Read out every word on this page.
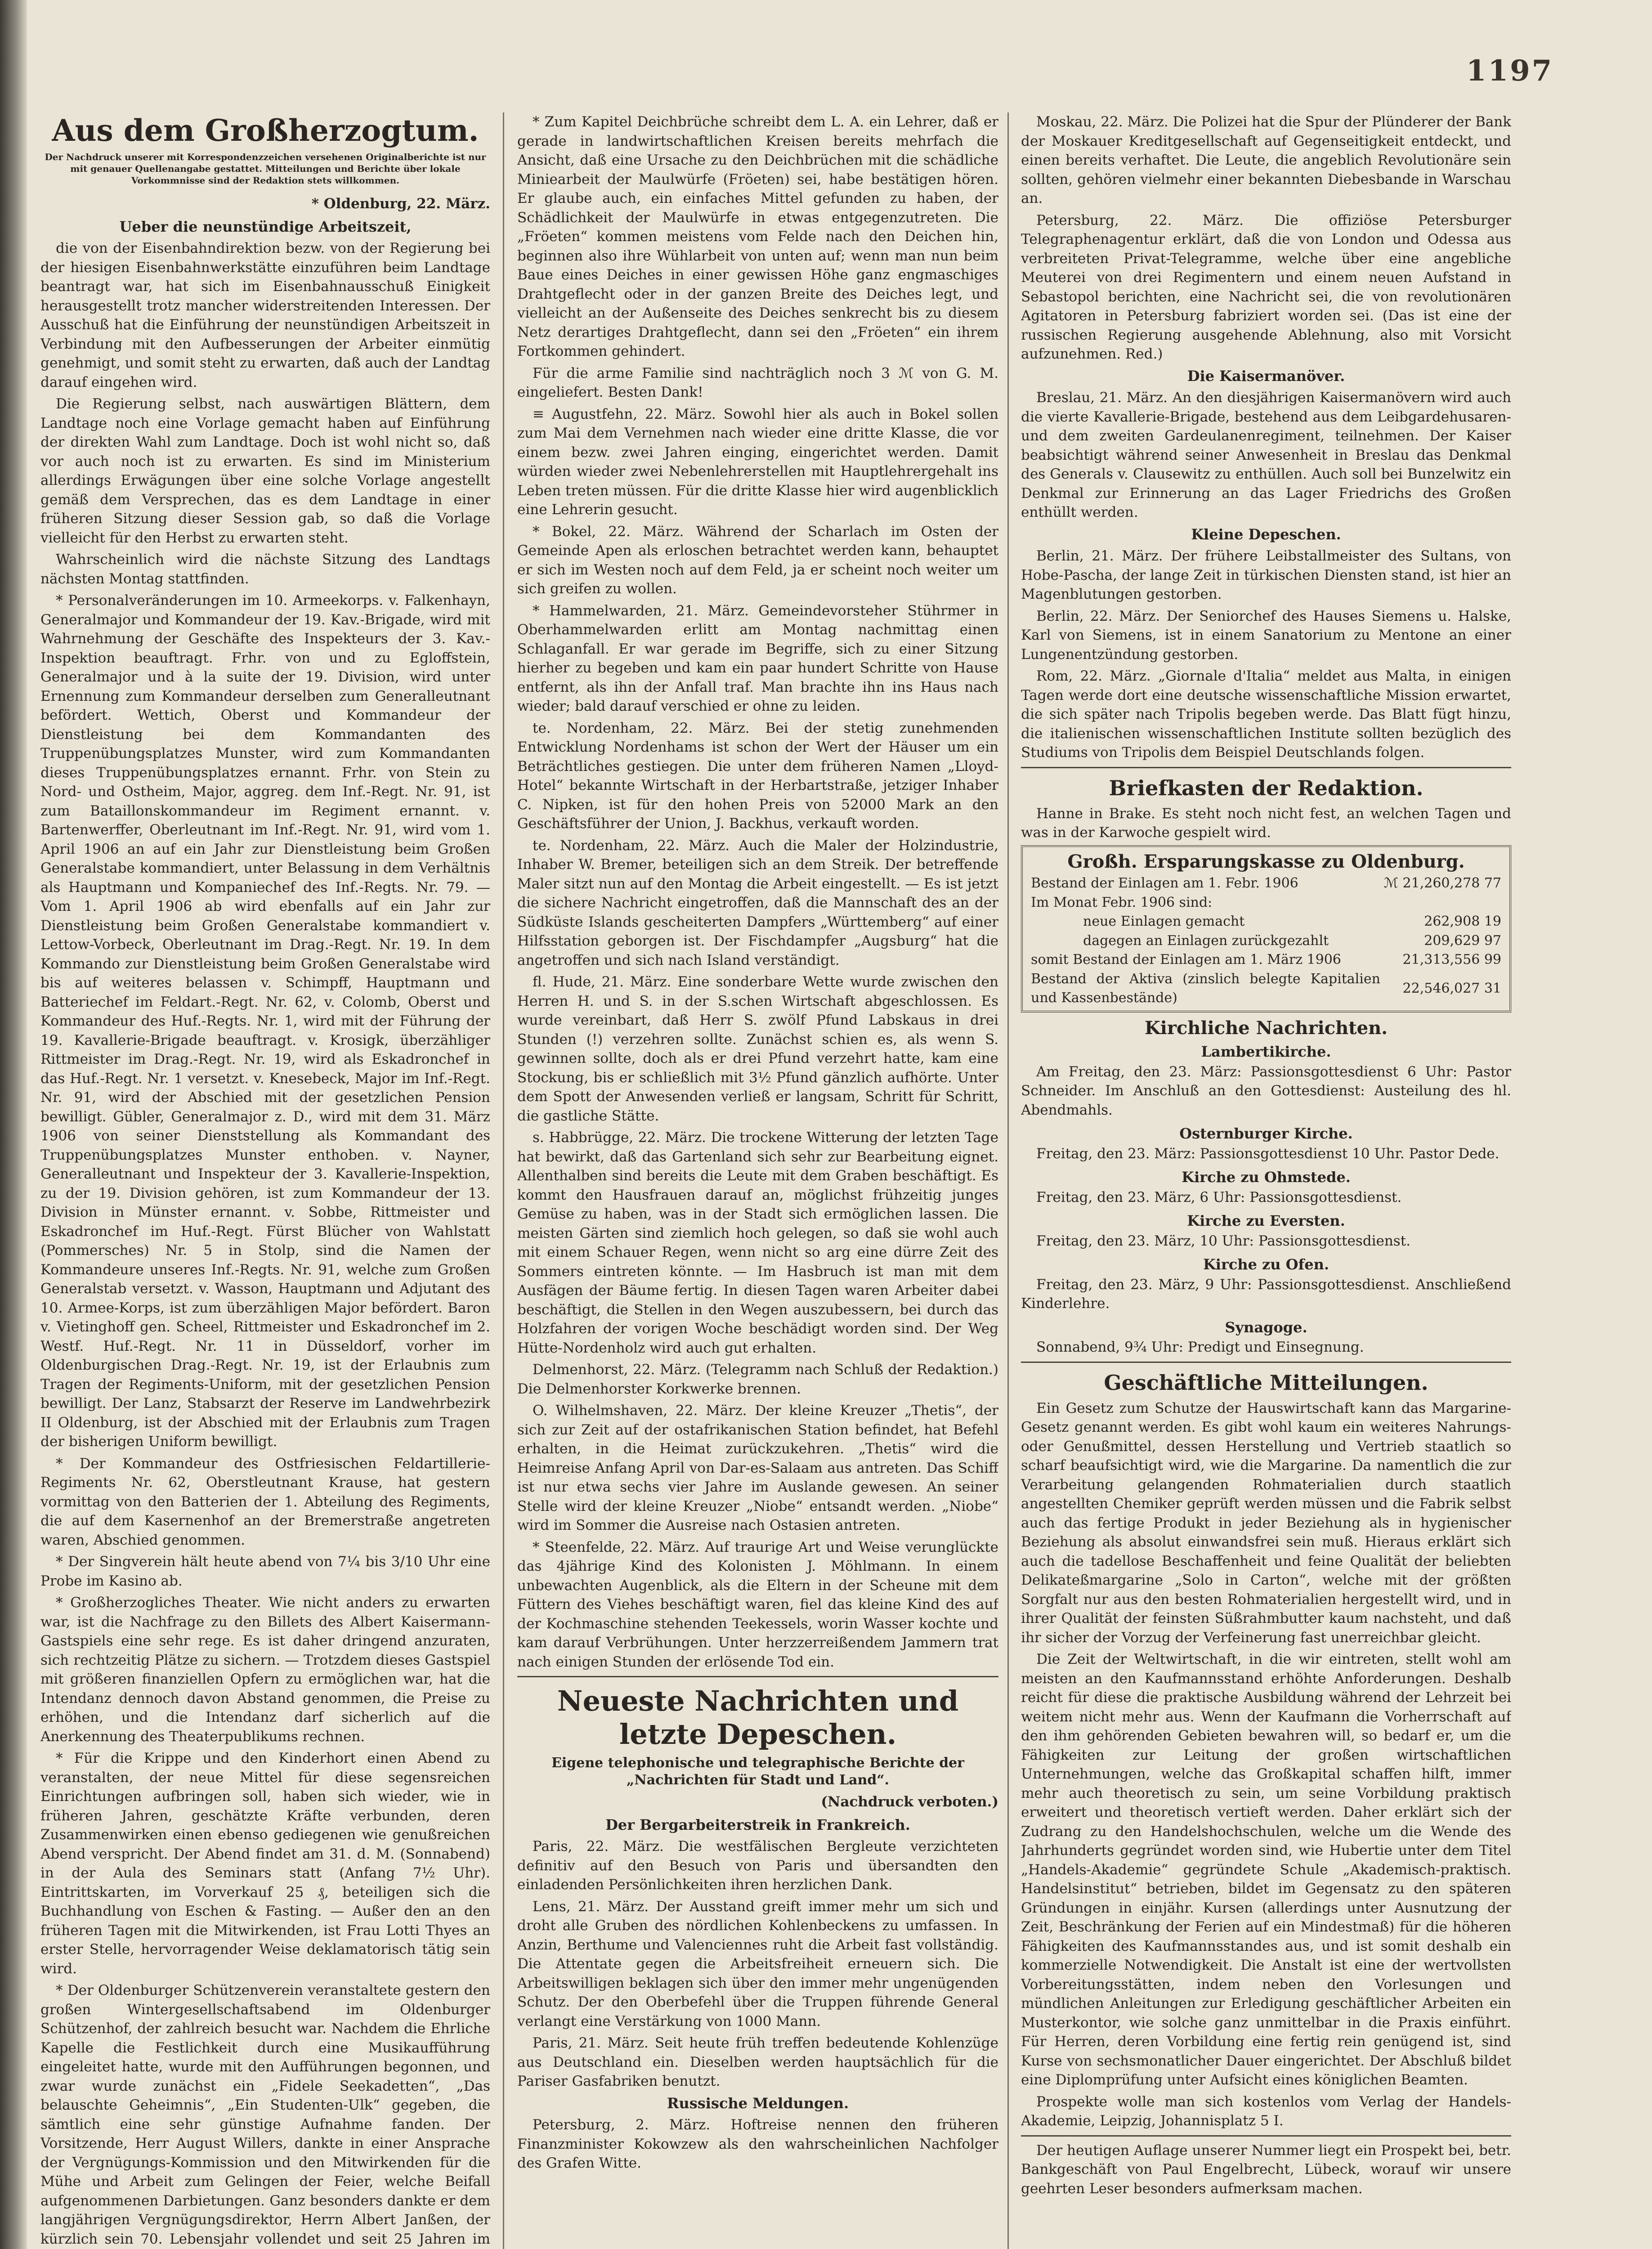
1197
Aus dem Großherzogtum.
Der Nachdruck unserer mit Korrespondenzzeichen versehenen Originalberichte ist nur mit genauer Quellenangabe gestattet. Mitteilungen und Berichte über lokale Vorkommnisse sind der Redaktion stets willkommen.
* Oldenburg, 22. März.
Ueber die neunstündige Arbeitszeit,

die von der Eisenbahndirektion bezw. von der Regierung bei der hiesigen Eisenbahnwerkstätte einzuführen beim Landtage beantragt war, hat sich im Eisenbahnausschuß Einigkeit herausgestellt trotz mancher widerstreitenden Interessen. Der Ausschuß hat die Einführung der neunstündigen Arbeitszeit in Verbindung mit den Aufbesserungen der Arbeiter einmütig genehmigt, und somit steht zu erwarten, daß auch der Landtag darauf eingehen wird.

Die Regierung selbst, nach auswärtigen Blättern, dem Landtage noch eine Vorlage gemacht haben auf Einführung der direkten Wahl zum Landtage. Doch ist wohl nicht so, daß vor auch noch ist zu erwarten. Es sind im Ministerium allerdings Erwägungen über eine solche Vorlage angestellt gemäß dem Versprechen, das es dem Landtage in einer früheren Sitzung dieser Session gab, so daß die Vorlage vielleicht für den Herbst zu erwarten steht.

Wahrscheinlich wird die nächste Sitzung des Landtags nächsten Montag stattfinden.

* Personalveränderungen im 10. Armeekorps. v. Falkenhayn, Generalmajor und Kommandeur der 19. Kav.-Brigade, wird mit Wahrnehmung der Geschäfte des Inspekteurs der 3. Kav.-Inspektion beauftragt. Frhr. von und zu Egloffstein, Generalmajor und à la suite der 19. Division, wird unter Ernennung zum Kommandeur derselben zum Generalleutnant befördert. Wettich, Oberst und Kommandeur der Dienstleistung bei dem Kommandanten des Truppenübungsplatzes Munster, wird zum Kommandanten dieses Truppenübungsplatzes ernannt. Frhr. von Stein zu Nord- und Ostheim, Major, aggreg. dem Inf.-Regt. Nr. 91, ist zum Bataillonskommandeur im Regiment ernannt. v. Bartenwerffer, Oberleutnant im Inf.-Regt. Nr. 91, wird vom 1. April 1906 an auf ein Jahr zur Dienstleistung beim Großen Generalstabe kommandiert, unter Belassung in dem Verhältnis als Hauptmann und Kompaniechef des Inf.-Regts. Nr. 79. — Vom 1. April 1906 ab wird ebenfalls auf ein Jahr zur Dienstleistung beim Großen Generalstabe kommandiert v. Lettow-Vorbeck, Oberleutnant im Drag.-Regt. Nr. 19. In dem Kommando zur Dienstleistung beim Großen Generalstabe wird bis auf weiteres belassen v. Schimpff, Hauptmann und Batteriechef im Feldart.-Regt. Nr. 62, v. Colomb, Oberst und Kommandeur des Huf.-Regts. Nr. 1, wird mit der Führung der 19. Kavallerie-Brigade beauftragt. v. Krosigk, überzähliger Rittmeister im Drag.-Regt. Nr. 19, wird als Eskadronchef in das Huf.-Regt. Nr. 1 versetzt. v. Knesebeck, Major im Inf.-Regt. Nr. 91, wird der Abschied mit der gesetzlichen Pension bewilligt. Gübler, Generalmajor z. D., wird mit dem 31. März 1906 von seiner Dienststellung als Kommandant des Truppenübungsplatzes Munster enthoben. v. Nayner, Generalleutnant und Inspekteur der 3. Kavallerie-Inspektion, zu der 19. Division gehören, ist zum Kommandeur der 13. Division in Münster ernannt. v. Sobbe, Rittmeister und Eskadronchef im Huf.-Regt. Fürst Blücher von Wahlstatt (Pommersches) Nr. 5 in Stolp, sind die Namen der Kommandeure unseres Inf.-Regts. Nr. 91, welche zum Großen Generalstab versetzt. v. Wasson, Hauptmann und Adjutant des 10. Armee-Korps, ist zum überzähligen Major befördert. Baron v. Vietinghoff gen. Scheel, Rittmeister und Eskadronchef im 2. Westf. Huf.-Regt. Nr. 11 in Düsseldorf, vorher im Oldenburgischen Drag.-Regt. Nr. 19, ist der Erlaubnis zum Tragen der Regiments-Uniform, mit der gesetzlichen Pension bewilligt. Der Lanz, Stabsarzt der Reserve im Landwehrbezirk II Oldenburg, ist der Abschied mit der Erlaubnis zum Tragen der bisherigen Uniform bewilligt.

* Der Kommandeur des Ostfriesischen Feldartillerie-Regiments Nr. 62, Oberstleutnant Krause, hat gestern vormittag von den Batterien der 1. Abteilung des Regiments, die auf dem Kasernenhof an der Bremerstraße angetreten waren, Abschied genommen.

* Der Singverein hält heute abend von 7¼ bis 3/10 Uhr eine Probe im Kasino ab.

* Großherzogliches Theater. Wie nicht anders zu erwarten war, ist die Nachfrage zu den Billets des Albert Kaisermann-Gastspiels eine sehr rege. Es ist daher dringend anzuraten, sich rechtzeitig Plätze zu sichern. — Trotzdem dieses Gastspiel mit größeren finanziellen Opfern zu ermöglichen war, hat die Intendanz dennoch davon Abstand genommen, die Preise zu erhöhen, und die Intendanz darf sicherlich auf die Anerkennung des Theaterpublikums rechnen.

* Für die Krippe und den Kinderhort einen Abend zu veranstalten, der neue Mittel für diese segensreichen Einrichtungen aufbringen soll, haben sich wieder, wie in früheren Jahren, geschätzte Kräfte verbunden, deren Zusammenwirken einen ebenso gediegenen wie genußreichen Abend verspricht. Der Abend findet am 31. d. M. (Sonnabend) in der Aula des Seminars statt (Anfang 7½ Uhr). Eintrittskarten, im Vorverkauf 25 ₰, beteiligen sich die Buchhandlung von Eschen & Fasting. — Außer den an den früheren Tagen mit die Mitwirkenden, ist Frau Lotti Thyes an erster Stelle, hervorragender Weise deklamatorisch tätig sein wird.

* Der Oldenburger Schützenverein veranstaltete gestern den großen Wintergesellschaftsabend im Oldenburger Schützenhof, der zahlreich besucht war. Nachdem die Ehrliche Kapelle die Festlichkeit durch eine Musikaufführung eingeleitet hatte, wurde mit den Aufführungen begonnen, und zwar wurde zunächst ein „Fidele Seekadetten“, „Das belauschte Geheimnis“, „Ein Studenten-Ulk“ gegeben, die sämtlich eine sehr günstige Aufnahme fanden. Der Vorsitzende, Herr August Willers, dankte in einer Ansprache der Vergnügungs-Kommission und den Mitwirkenden für die Mühe und Arbeit zum Gelingen der Feier, welche Beifall aufgenommenen Darbietungen. Ganz besonders dankte er dem langjährigen Vergnügungsdirektor, Herrn Albert Janßen, der kürzlich sein 70. Lebensjahr vollendet und seit 25 Jahren im

* Zum Kapitel Deichbrüche schreibt dem L. A. ein Lehrer, daß er gerade in landwirtschaftlichen Kreisen bereits mehrfach die Ansicht, daß eine Ursache zu den Deichbrüchen mit die schädliche Miniearbeit der Maulwürfe (Fröeten) sei, habe bestätigen hören. Er glaube auch, ein einfaches Mittel gefunden zu haben, der Schädlichkeit der Maulwürfe in etwas entgegenzutreten. Die „Fröeten“ kommen meistens vom Felde nach den Deichen hin, beginnen also ihre Wühlarbeit von unten auf; wenn man nun beim Baue eines Deiches in einer gewissen Höhe ganz engmaschiges Drahtgeflecht oder in der ganzen Breite des Deiches legt, und vielleicht an der Außenseite des Deiches senkrecht bis zu diesem Netz derartiges Drahtgeflecht, dann sei den „Fröeten“ ein ihrem Fortkommen gehindert.

Für die arme Familie sind nachträglich noch 3 ℳ von G. M. eingeliefert. Besten Dank!

≡ Augustfehn, 22. März. Sowohl hier als auch in Bokel sollen zum Mai dem Vernehmen nach wieder eine dritte Klasse, die vor einem bezw. zwei Jahren einging, eingerichtet werden. Damit würden wieder zwei Nebenlehrerstellen mit Hauptlehrergehalt ins Leben treten müssen. Für die dritte Klasse hier wird augenblicklich eine Lehrerin gesucht.

* Bokel, 22. März. Während der Scharlach im Osten der Gemeinde Apen als erloschen betrachtet werden kann, behauptet er sich im Westen noch auf dem Feld, ja er scheint noch weiter um sich greifen zu wollen.

* Hammelwarden, 21. März. Gemeindevorsteher Stührmer in Oberhammelwarden erlitt am Montag nachmittag einen Schlaganfall. Er war gerade im Begriffe, sich zu einer Sitzung hierher zu begeben und kam ein paar hundert Schritte von Hause entfernt, als ihn der Anfall traf. Man brachte ihn ins Haus nach wieder; bald darauf verschied er ohne zu leiden.

te. Nordenham, 22. März. Bei der stetig zunehmenden Entwicklung Nordenhams ist schon der Wert der Häuser um ein Beträchtliches gestiegen. Die unter dem früheren Namen „Lloyd-Hotel“ bekannte Wirtschaft in der Herbartstraße, jetziger Inhaber C. Nipken, ist für den hohen Preis von 52000 Mark an den Geschäftsführer der Union, J. Backhus, verkauft worden.

te. Nordenham, 22. März. Auch die Maler der Holzindustrie, Inhaber W. Bremer, beteiligen sich an dem Streik. Der betreffende Maler sitzt nun auf den Montag die Arbeit eingestellt. — Es ist jetzt die sichere Nachricht eingetroffen, daß die Mannschaft des an der Südküste Islands gescheiterten Dampfers „Württemberg“ auf einer Hilfsstation geborgen ist. Der Fischdampfer „Augsburg“ hat die angetroffen und sich nach Island verständigt.

fl. Hude, 21. März. Eine sonderbare Wette wurde zwischen den Herren H. und S. in der S.schen Wirtschaft abgeschlossen. Es wurde vereinbart, daß Herr S. zwölf Pfund Labskaus in drei Stunden (!) verzehren sollte. Zunächst schien es, als wenn S. gewinnen sollte, doch als er drei Pfund verzehrt hatte, kam eine Stockung, bis er schließlich mit 3½ Pfund gänzlich aufhörte. Unter dem Spott der Anwesenden verließ er langsam, Schritt für Schritt, die gastliche Stätte.

s. Habbrügge, 22. März. Die trockene Witterung der letzten Tage hat bewirkt, daß das Gartenland sich sehr zur Bearbeitung eignet. Allenthalben sind bereits die Leute mit dem Graben beschäftigt. Es kommt den Hausfrauen darauf an, möglichst frühzeitig junges Gemüse zu haben, was in der Stadt sich ermöglichen lassen. Die meisten Gärten sind ziemlich hoch gelegen, so daß sie wohl auch mit einem Schauer Regen, wenn nicht so arg eine dürre Zeit des Sommers eintreten könnte. — Im Hasbruch ist man mit dem Ausfägen der Bäume fertig. In diesen Tagen waren Arbeiter dabei beschäftigt, die Stellen in den Wegen auszubessern, bei durch das Holzfahren der vorigen Woche beschädigt worden sind. Der Weg Hütte-Nordenholz wird auch gut erhalten.

Delmenhorst, 22. März. (Telegramm nach Schluß der Redaktion.) Die Delmenhorster Korkwerke brennen.

O. Wilhelmshaven, 22. März. Der kleine Kreuzer „Thetis“, der sich zur Zeit auf der ostafrikanischen Station befindet, hat Befehl erhalten, in die Heimat zurückzukehren. „Thetis“ wird die Heimreise Anfang April von Dar-es-Salaam aus antreten. Das Schiff ist nur etwa sechs vier Jahre im Auslande gewesen. An seiner Stelle wird der kleine Kreuzer „Niobe“ entsandt werden. „Niobe“ wird im Sommer die Ausreise nach Ostasien antreten.

* Steenfelde, 22. März. Auf traurige Art und Weise verunglückte das 4jährige Kind des Kolonisten J. Möhlmann. In einem unbewachten Augenblick, als die Eltern in der Scheune mit dem Füttern des Viehes beschäftigt waren, fiel das kleine Kind des auf der Kochmaschine stehenden Teekessels, worin Wasser kochte und kam darauf Verbrühungen. Unter herzzerreißendem Jammern trat nach einigen Stunden der erlösende Tod ein.

Neueste Nachrichten und letzte Depeschen.
Eigene telephonische und telegraphische Berichte der „Nachrichten für Stadt und Land“.
(Nachdruck verboten.)
Der Bergarbeiterstreik in Frankreich.

Paris, 22. März. Die westfälischen Bergleute verzichteten definitiv auf den Besuch von Paris und übersandten den einladenden Persönlichkeiten ihren herzlichen Dank.

Lens, 21. März. Der Ausstand greift immer mehr um sich und droht alle Gruben des nördlichen Kohlenbeckens zu umfassen. In Anzin, Berthume und Valenciennes ruht die Arbeit fast vollständig. Die Attentate gegen die Arbeitsfreiheit erneuern sich. Die Arbeitswilligen beklagen sich über den immer mehr ungenügenden Schutz. Der den Oberbefehl über die Truppen führende General verlangt eine Verstärkung von 1000 Mann.

Paris, 21. März. Seit heute früh treffen bedeutende Kohlenzüge aus Deutschland ein. Dieselben werden hauptsächlich für die Pariser Gasfabriken benutzt.

Russische Meldungen.

Petersburg, 2. März. Hoftreise nennen den früheren Finanzminister Kokowzew als den wahrscheinlichen Nachfolger des Grafen Witte.

Moskau, 22. März. Die Polizei hat die Spur der Plünderer der Bank der Moskauer Kreditgesellschaft auf Gegenseitigkeit entdeckt, und einen bereits verhaftet. Die Leute, die angeblich Revolutionäre sein sollten, gehören vielmehr einer bekannten Diebesbande in Warschau an.

Petersburg, 22. März. Die offiziöse Petersburger Telegraphenagentur erklärt, daß die von London und Odessa aus verbreiteten Privat-Telegramme, welche über eine angebliche Meuterei von drei Regimentern und einem neuen Aufstand in Sebastopol berichten, eine Nachricht sei, die von revolutionären Agitatoren in Petersburg fabriziert worden sei. (Das ist eine der russischen Regierung ausgehende Ablehnung, also mit Vorsicht aufzunehmen. Red.)

Die Kaisermanöver.

Breslau, 21. März. An den diesjährigen Kaisermanövern wird auch die vierte Kavallerie-Brigade, bestehend aus dem Leibgardehusaren- und dem zweiten Gardeulanenregiment, teilnehmen. Der Kaiser beabsichtigt während seiner Anwesenheit in Breslau das Denkmal des Generals v. Clausewitz zu enthüllen. Auch soll bei Bunzelwitz ein Denkmal zur Erinnerung an das Lager Friedrichs des Großen enthüllt werden.

Kleine Depeschen.

Berlin, 21. März. Der frühere Leibstallmeister des Sultans, von Hobe-Pascha, der lange Zeit in türkischen Diensten stand, ist hier an Magenblutungen gestorben.

Berlin, 22. März. Der Seniorchef des Hauses Siemens u. Halske, Karl von Siemens, ist in einem Sanatorium zu Mentone an einer Lungenentzündung gestorben.

Rom, 22. März. „Giornale d'Italia“ meldet aus Malta, in einigen Tagen werde dort eine deutsche wissenschaftliche Mission erwartet, die sich später nach Tripolis begeben werde. Das Blatt fügt hinzu, die italienischen wissenschaftlichen Institute sollten bezüglich des Studiums von Tripolis dem Beispiel Deutschlands folgen.

Briefkasten der Redaktion.

Hanne in Brake. Es steht noch nicht fest, an welchen Tagen und was in der Karwoche gespielt wird.

Großh. Ersparungskasse zu Oldenburg.
Bestand der Einlagen am 1. Febr. 1906	ℳ 21,260,278 77
Im Monat Febr. 1906 sind:	
neue Einlagen gemacht	262,908 19
dagegen an Einlagen zurückgezahlt	209,629 97
somit Bestand der Einlagen am 1. März 1906	21,313,556 99
Bestand der Aktiva (zinslich belegte Kapitalien und Kassenbestände)	22,546,027 31
Kirchliche Nachrichten.
Lambertikirche.

Am Freitag, den 23. März: Passionsgottesdienst 6 Uhr: Pastor Schneider. Im Anschluß an den Gottesdienst: Austeilung des hl. Abendmahls.

Osternburger Kirche.

Freitag, den 23. März: Passionsgottesdienst 10 Uhr. Pastor Dede.

Kirche zu Ohmstede.

Freitag, den 23. März, 6 Uhr: Passionsgottesdienst.

Kirche zu Eversten.

Freitag, den 23. März, 10 Uhr: Passionsgottesdienst.

Kirche zu Ofen.

Freitag, den 23. März, 9 Uhr: Passionsgottesdienst. Anschließend Kinderlehre.

Synagoge.

Sonnabend, 9¾ Uhr: Predigt und Einsegnung.

Geschäftliche Mitteilungen.

Ein Gesetz zum Schutze der Hauswirtschaft kann das Margarine-Gesetz genannt werden. Es gibt wohl kaum ein weiteres Nahrungs- oder Genußmittel, dessen Herstellung und Vertrieb staatlich so scharf beaufsichtigt wird, wie die Margarine. Da namentlich die zur Verarbeitung gelangenden Rohmaterialien durch staatlich angestellten Chemiker geprüft werden müssen und die Fabrik selbst auch das fertige Produkt in jeder Beziehung als in hygienischer Beziehung als absolut einwandsfrei sein muß. Hieraus erklärt sich auch die tadellose Beschaffenheit und feine Qualität der beliebten Delikateßmargarine „Solo in Carton“, welche mit der größten Sorgfalt nur aus den besten Rohmaterialien hergestellt wird, und in ihrer Qualität der feinsten Süßrahmbutter kaum nachsteht, und daß ihr sicher der Vorzug der Verfeinerung fast unerreichbar gleicht.

Die Zeit der Weltwirtschaft, in die wir eintreten, stellt wohl am meisten an den Kaufmannsstand erhöhte Anforderungen. Deshalb reicht für diese die praktische Ausbildung während der Lehrzeit bei weitem nicht mehr aus. Wenn der Kaufmann die Vorherrschaft auf den ihm gehörenden Gebieten bewahren will, so bedarf er, um die Fähigkeiten zur Leitung der großen wirtschaftlichen Unternehmungen, welche das Großkapital schaffen hilft, immer mehr auch theoretisch zu sein, um seine Vorbildung praktisch erweitert und theoretisch vertieft werden. Daher erklärt sich der Zudrang zu den Handelshochschulen, welche um die Wende des Jahrhunderts gegründet worden sind, wie Hubertie unter dem Titel „Handels-Akademie“ gegründete Schule „Akademisch-praktisch. Handelsinstitut“ betrieben, bildet im Gegensatz zu den späteren Gründungen in einjähr. Kursen (allerdings unter Ausnutzung der Zeit, Beschränkung der Ferien auf ein Mindestmaß) für die höheren Fähigkeiten des Kaufmannsstandes aus, und ist somit deshalb ein kommerzielle Notwendigkeit. Die Anstalt ist eine der wertvollsten Vorbereitungsstätten, indem neben den Vorlesungen und mündlichen Anleitungen zur Erledigung geschäftlicher Arbeiten ein Musterkontor, wie solche ganz unmittelbar in die Praxis einführt. Für Herren, deren Vorbildung eine fertig rein genügend ist, sind Kurse von sechsmonatlicher Dauer eingerichtet. Der Abschluß bildet eine Diplomprüfung unter Aufsicht eines königlichen Beamten.

Prospekte wolle man sich kostenlos vom Verlag der Handels-Akademie, Leipzig, Johannisplatz 5 I.

Der heutigen Auflage unserer Nummer liegt ein Prospekt bei, betr. Bankgeschäft von Paul Engelbrecht, Lübeck, worauf wir unsere geehrten Leser besonders aufmerksam machen.
